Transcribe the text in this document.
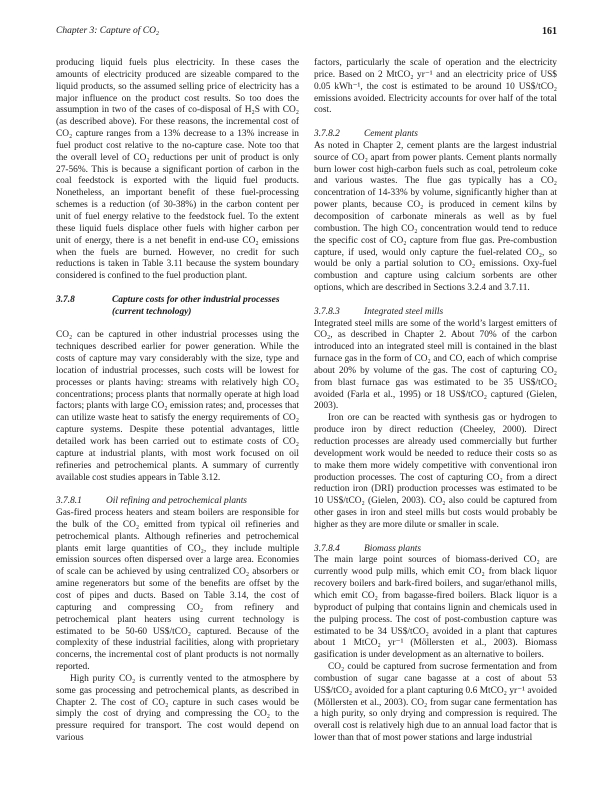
Chapter 3: Capture of $CO_2$	161

producing liquid fuels plus electricity. In these cases the amounts of electricity produced are sizeable compared to the liquid products, so the assumed selling price of electricity has a major influence on the product cost results. So too does the assumption in two of the cases of co-disposal of H₂S with CO₂ (as described above). For these reasons, the incremental cost of CO₂ capture ranges from a 13% decrease to a 13% increase in fuel product cost relative to the no-capture case. Note too that the overall level of CO₂ reductions per unit of product is only 27-56%. This is because a significant portion of carbon in the coal feedstock is exported with the liquid fuel products. Nonetheless, an important benefit of these fuel-processing schemes is a reduction (of 30-38%) in the carbon content per unit of fuel energy relative to the feedstock fuel. To the extent these liquid fuels displace other fuels with higher carbon per unit of energy, there is a net benefit in end-use CO₂ emissions when the fuels are burned. However, no credit for such reductions is taken in Table 3.11 because the system boundary considered is confined to the fuel production plant.

3.7.8	Capture costs for other industrial processes
(current technology)

CO₂ can be captured in other industrial processes using the techniques described earlier for power generation. While the costs of capture may vary considerably with the size, type and location of industrial processes, such costs will be lowest for processes or plants having: streams with relatively high CO₂ concentrations; process plants that normally operate at high load factors; plants with large CO₂ emission rates; and, processes that can utilize waste heat to satisfy the energy requirements of CO₂ capture systems. Despite these potential advantages, little detailed work has been carried out to estimate costs of CO₂ capture at industrial plants, with most work focused on oil refineries and petrochemical plants. A summary of currently available cost studies appears in Table 3.12.

3.7.8.1	Oil refining and petrochemical plants

Gas-fired process heaters and steam boilers are responsible for the bulk of the CO₂ emitted from typical oil refineries and petrochemical plants. Although refineries and petrochemical plants emit large quantities of CO₂, they include multiple emission sources often dispersed over a large area. Economies of scale can be achieved by using centralized CO₂ absorbers or amine regenerators but some of the benefits are offset by the cost of pipes and ducts. Based on Table 3.14, the cost of capturing and compressing CO₂ from refinery and petrochemical plant heaters using current technology is estimated to be 50-60 US$/tCO₂ captured. Because of the complexity of these industrial facilities, along with proprietary concerns, the incremental cost of plant products is not normally reported.

High purity CO₂ is currently vented to the atmosphere by some gas processing and petrochemical plants, as described in Chapter 2. The cost of CO₂ capture in such cases would be simply the cost of drying and compressing the CO₂ to the pressure required for transport. The cost would depend on various

factors, particularly the scale of operation and the electricity price. Based on 2 MtCO₂ yr⁻¹ and an electricity price of US$ 0.05 kWh⁻¹, the cost is estimated to be around 10 US$/tCO₂ emissions avoided. Electricity accounts for over half of the total cost.

3.7.8.2	Cement plants

As noted in Chapter 2, cement plants are the largest industrial source of CO₂ apart from power plants. Cement plants normally burn lower cost high-carbon fuels such as coal, petroleum coke and various wastes. The flue gas typically has a CO₂ concentration of 14-33% by volume, significantly higher than at power plants, because CO₂ is produced in cement kilns by decomposition of carbonate minerals as well as by fuel combustion. The high CO₂ concentration would tend to reduce the specific cost of CO₂ capture from flue gas. Pre-combustion capture, if used, would only capture the fuel-related CO₂, so would be only a partial solution to CO₂ emissions. Oxy-fuel combustion and capture using calcium sorbents are other options, which are described in Sections 3.2.4 and 3.7.11.

3.7.8.3	Integrated steel mills

Integrated steel mills are some of the world’s largest emitters of CO₂, as described in Chapter 2. About 70% of the carbon introduced into an integrated steel mill is contained in the blast furnace gas in the form of CO₂ and CO, each of which comprise about 20% by volume of the gas. The cost of capturing CO₂ from blast furnace gas was estimated to be 35 US$/tCO₂ avoided (Farla et al., 1995) or 18 US$/tCO₂ captured (Gielen, 2003).

Iron ore can be reacted with synthesis gas or hydrogen to produce iron by direct reduction (Cheeley, 2000). Direct reduction processes are already used commercially but further development work would be needed to reduce their costs so as to make them more widely competitive with conventional iron production processes. The cost of capturing CO₂ from a direct reduction iron (DRI) production processes was estimated to be 10 US$/tCO₂ (Gielen, 2003). CO₂ also could be captured from other gases in iron and steel mills but costs would probably be higher as they are more dilute or smaller in scale.

3.7.8.4	Biomass plants

The main large point sources of biomass-derived CO₂ are currently wood pulp mills, which emit CO₂ from black liquor recovery boilers and bark-fired boilers, and sugar/ethanol mills, which emit CO₂ from bagasse-fired boilers. Black liquor is a byproduct of pulping that contains lignin and chemicals used in the pulping process. The cost of post-combustion capture was estimated to be 34 US$/tCO₂ avoided in a plant that captures about 1 MtCO₂ yr⁻¹ (Möllersten et al., 2003). Biomass gasification is under development as an alternative to boilers.

CO₂ could be captured from sucrose fermentation and from combustion of sugar cane bagasse at a cost of about 53 US$/tCO₂ avoided for a plant capturing 0.6 MtCO₂ yr⁻¹ avoided (Möllersten et al., 2003). CO₂ from sugar cane fermentation has a high purity, so only drying and compression is required. The overall cost is relatively high due to an annual load factor that is lower than that of most power stations and large industrial
